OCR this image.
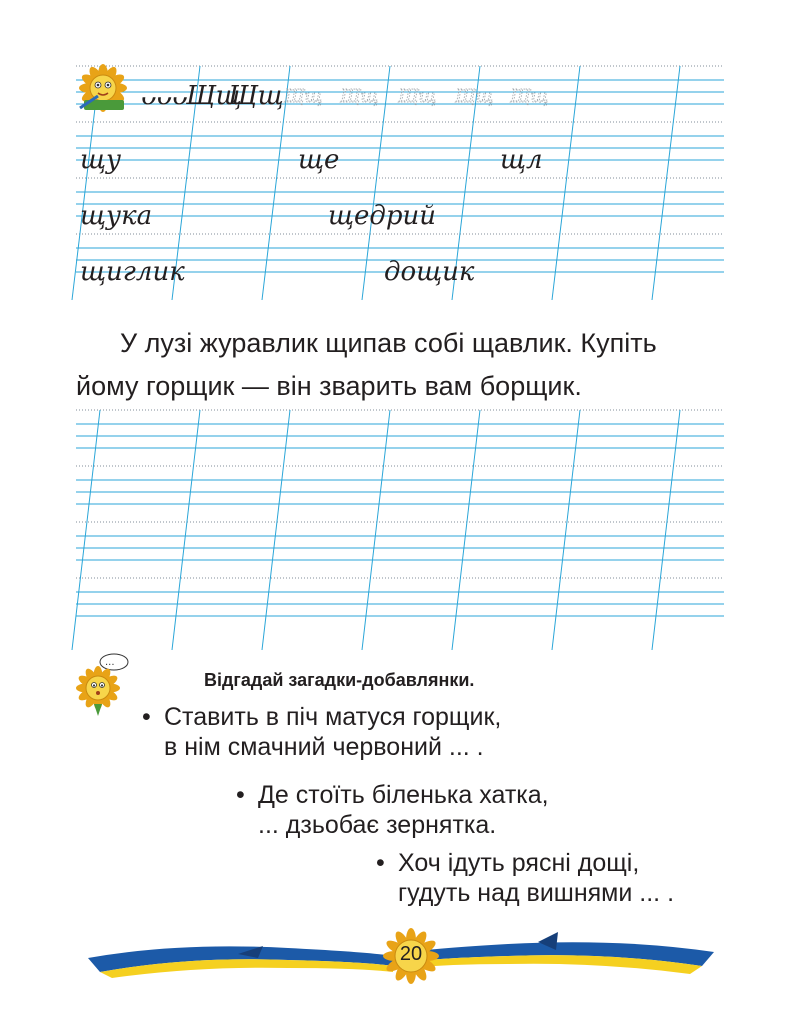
ᴗᴗᴗ Щщ
Щщ Щщ Щщ Щщ Щщ Щщ
щу	ще	щл
щука	щедрий
щиглик	дощик

У лузі журавлик щипав собі щавлик. Купіть

йому горщик — він зварить вам борщик.

...
Відгадай загадки-добавлянки.
• Ставить в піч матуся горщик,
в нім смачний червоний ... .
• Де стоїть біленька хатка,
... дзьобає зернятка.
• Хоч ідуть рясні дощі,
гудуть над вишнями ... .
20
